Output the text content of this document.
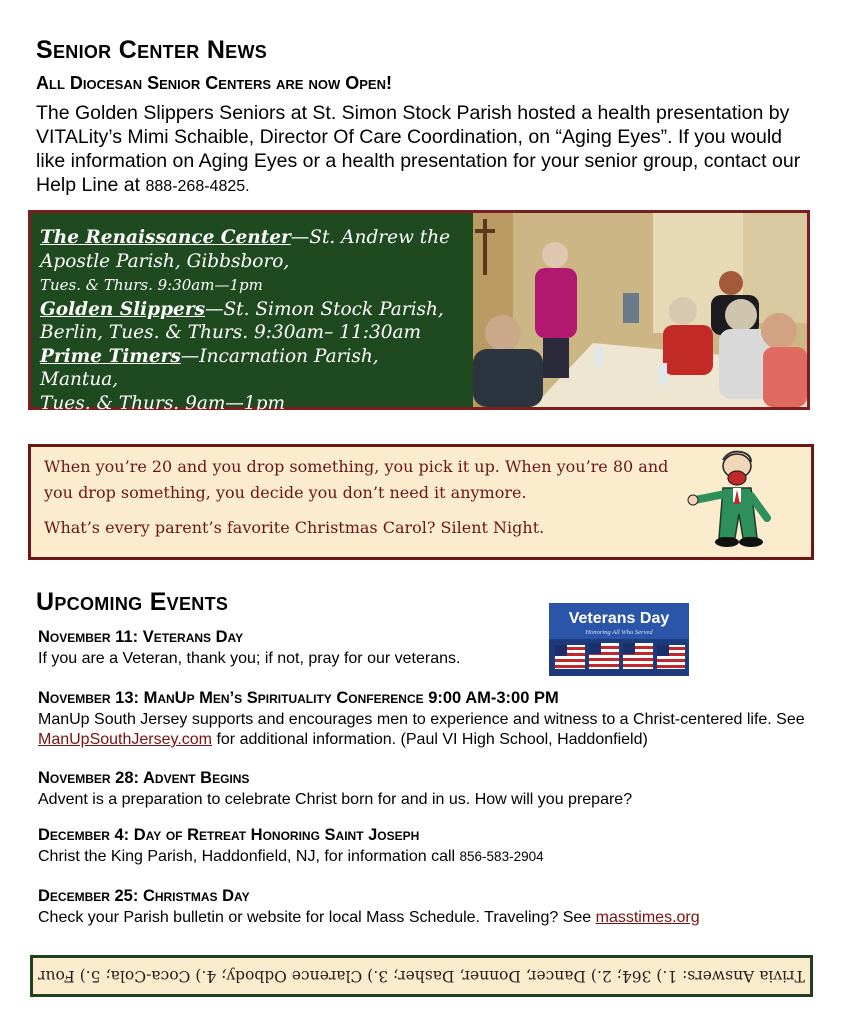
Senior Center News
All Diocesan Senior Centers are now Open!
The Golden Slippers Seniors at St. Simon Stock Parish hosted a health presentation by VITALity’s Mimi Schaible, Director Of Care Coordination, on “Aging Eyes”. If you would like information on Aging Eyes or a health presentation for your senior group, contact our Help Line at 888-268-4825.
The Renaissance Center—St. Andrew the
Apostle Parish, Gibbsboro,
Tues. & Thurs. 9:30am—1pm
Golden Slippers—St. Simon Stock Parish,
Berlin, Tues. & Thurs. 9:30am– 11:30am
Prime Timers—Incarnation Parish, Mantua,
Tues. & Thurs. 9am—1pm
When you’re 20 and you drop something, you pick it up. When you’re 80 and you drop something, you decide you don’t need it anymore.
What’s every parent’s favorite Christmas Carol? Silent Night.
Upcoming Events
Veterans Day
Honoring All Who Served
November 11: Veterans Day
If you are a Veteran, thank you; if not, pray for our veterans.
November 13: ManUp Men’s Spirituality Conference 9:00 AM-3:00 PM
ManUp South Jersey supports and encourages men to experience and witness to a Christ-centered life. See ManUpSouthJersey.com for additional information. (Paul VI High School, Haddonfield)
November 28: Advent Begins
Advent is a preparation to celebrate Christ born for and in us. How will you prepare?
December 4: Day of Retreat Honoring Saint Joseph
Christ the King Parish, Haddonfield, NJ, for information call 856-583-2904
December 25: Christmas Day
Check your Parish bulletin or website for local Mass Schedule. Traveling? See masstimes.org
Trivia Answers: 1.) 364; 2.) Dancer, Donner, Dasher; 3.) Clarence Odbody; 4.) Coca-Cola; 5.) Four
